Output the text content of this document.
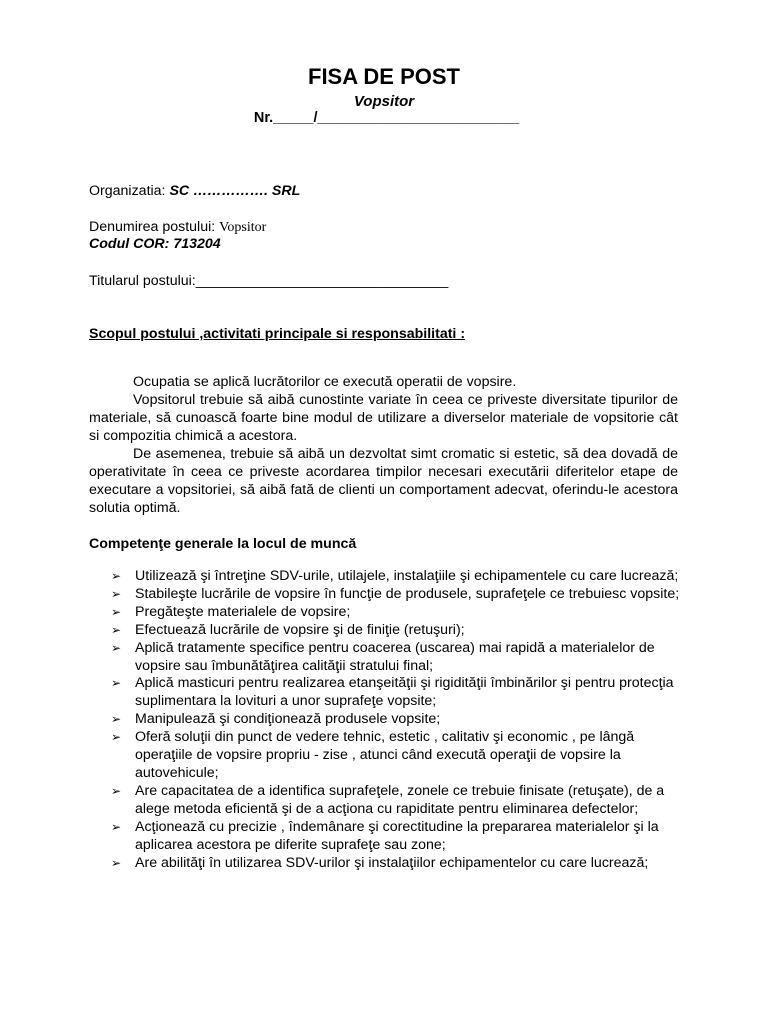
FISA DE POST
Vopsitor
Nr._____/_________________________
Organizatia: SC ……………. SRL
Denumirea postului: Vopsitor
Codul COR: 713204
Titularul postului:________________________________
Scopul postului ,activitati principale si responsabilitati :
Ocupatia se aplică lucrătorilor ce execută operatii de vopsire.
Vopsitorul trebuie să aibă cunostinte variate în ceea ce priveste diversitate tipurilor de materiale, să cunoască foarte bine modul de utilizare a diverselor materiale de vopsitorie cât si compozitia chimică a acestora.
De asemenea, trebuie să aibă un dezvoltat simt cromatic si estetic, să dea dovadă de operativitate în ceea ce priveste acordarea timpilor necesari executării diferitelor etape de executare a vopsitoriei, să aibă fată de clienti un comportament adecvat, oferindu-le acestora solutia optimă.
Competenţe generale la locul de muncă
➢ Utilizează şi întreţine SDV-urile, utilajele, instalaţiile şi echipamentele cu care lucrează;
➢ Stabileşte lucrările de vopsire în funcţie de produsele, suprafeţele ce trebuiesc vopsite;
➢ Pregăteşte materialele de vopsire;
➢ Efectuează lucrările de vopsire şi de finiţie (retuşuri);
➢ Aplică tratamente specifice pentru coacerea (uscarea) mai rapidă a materialelor de vopsire sau îmbunătăţirea calităţii stratului final;
➢ Aplică masticuri pentru realizarea etanşeităţii şi rigidităţii îmbinărilor şi pentru protecţia suplimentara la lovituri a unor suprafeţe vopsite;
➢ Manipulează şi condiţionează produsele vopsite;
➢ Oferă soluţii din punct de vedere tehnic, estetic , calitativ şi economic , pe lângă operaţiile de vopsire propriu - zise , atunci când execută operaţii de vopsire la autovehicule;
➢ Are capacitatea de a identifica suprafeţele, zonele ce trebuie finisate (retuşate), de a alege metoda eficientă şi de a acţiona cu rapiditate pentru eliminarea defectelor;
➢ Acţionează cu precizie , îndemânare şi corectitudine la prepararea materialelor şi la aplicarea acestora pe diferite suprafeţe sau zone;
➢ Are abilităţi în utilizarea SDV-urilor şi instalaţiilor echipamentelor cu care lucrează;
